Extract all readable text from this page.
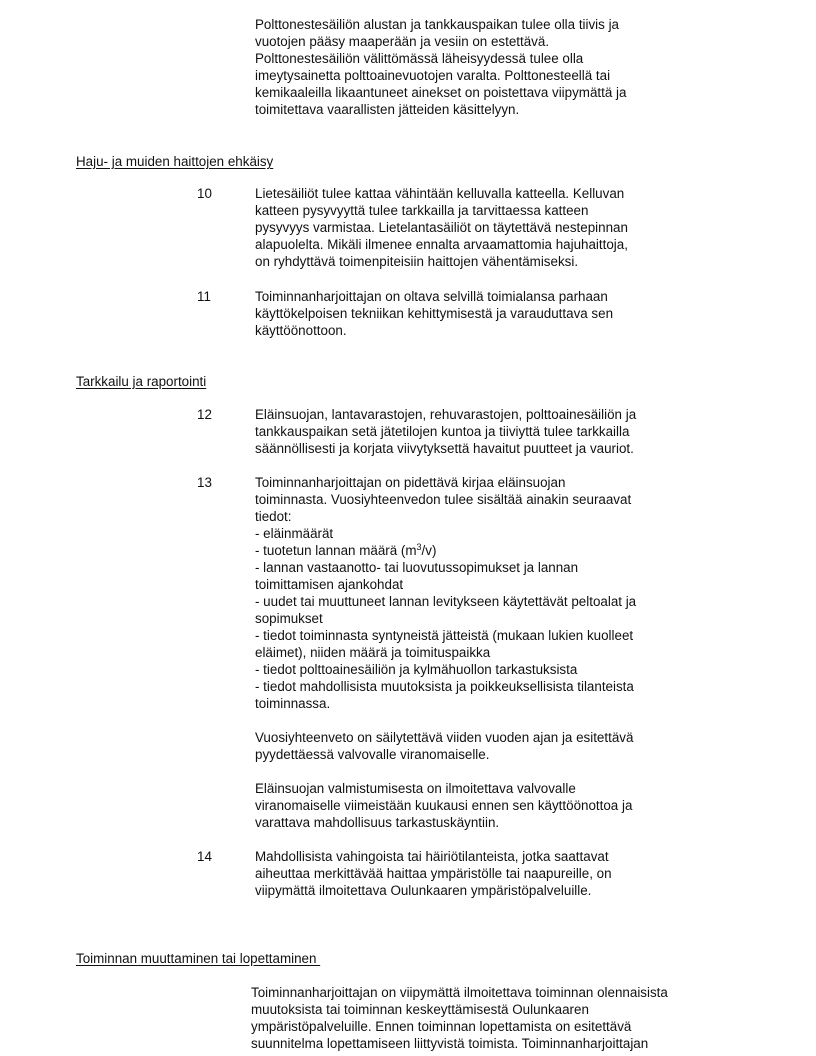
Polttonestesäiliön alustan ja tankkauspaikan tulee olla tiivis ja
vuotojen pääsy maaperään ja vesiin on estettävä.
Polttonestesäiliön välittömässä läheisyydessä tulee olla
imeytysainetta polttoainevuotojen varalta. Polttonesteellä tai
kemikaaleilla likaantuneet ainekset on poistettava viipymättä ja
toimitettava vaarallisten jätteiden käsittelyyn.
Haju- ja muiden haittojen ehkäisy
10	Lietesäiliöt tulee kattaa vähintään kelluvalla katteella. Kelluvan
katteen pysyvyyttä tulee tarkkailla ja tarvittaessa katteen
pysyvyys varmistaa. Lietelantasäiliöt on täytettävä nestepinnan
alapuolelta. Mikäli ilmenee ennalta arvaamattomia hajuhaittoja,
on ryhdyttävä toimenpiteisiin haittojen vähentämiseksi.
11	Toiminnanharjoittajan on oltava selvillä toimialansa parhaan
käyttökelpoisen tekniikan kehittymisestä ja varauduttava sen
käyttöönottoon.
Tarkkailu ja raportointi
12	Eläinsuojan, lantavarastojen, rehuvarastojen, polttoainesäiliön ja
tankkauspaikan setä jätetilojen kuntoa ja tiiviyttä tulee tarkkailla
säännöllisesti ja korjata viivytyksettä havaitut puutteet ja vauriot.
13	Toiminnanharjoittajan on pidettävä kirjaa eläinsuojan
toiminnasta. Vuosiyhteenvedon tulee sisältää ainakin seuraavat
tiedot:
- eläinmäärät
- tuotetun lannan määrä $(m^3/v)$
- lannan vastaanotto- tai luovutussopimukset ja lannan
toimittamisen ajankohdat
- uudet tai muuttuneet lannan levitykseen käytettävät peltoalat ja
sopimukset
- tiedot toiminnasta syntyneistä jätteistä (mukaan lukien kuolleet
eläimet), niiden määrä ja toimituspaikka
- tiedot polttoainesäiliön ja kylmähuollon tarkastuksista
- tiedot mahdollisista muutoksista ja poikkeuksellisista tilanteista
toiminnassa.
Vuosiyhteenveto on säilytettävä viiden vuoden ajan ja esitettävä
pyydettäessä valvovalle viranomaiselle.
Eläinsuojan valmistumisesta on ilmoitettava valvovalle
viranomaiselle viimeistään kuukausi ennen sen käyttöönottoa ja
varattava mahdollisuus tarkastuskäyntiin.
14	Mahdollisista vahingoista tai häiriötilanteista, jotka saattavat
aiheuttaa merkittävää haittaa ympäristölle tai naapureille, on
viipymättä ilmoitettava Oulunkaaren ympäristöpalveluille.
Toiminnan muuttaminen tai lopettaminen
Toiminnanharjoittajan on viipymättä ilmoitettava toiminnan olennaisista
muutoksista tai toiminnan keskeyttämisestä Oulunkaaren
ympäristöpalveluille. Ennen toiminnan lopettamista on esitettävä
suunnitelma lopettamiseen liittyvistä toimista. Toiminnanharjoittajan
